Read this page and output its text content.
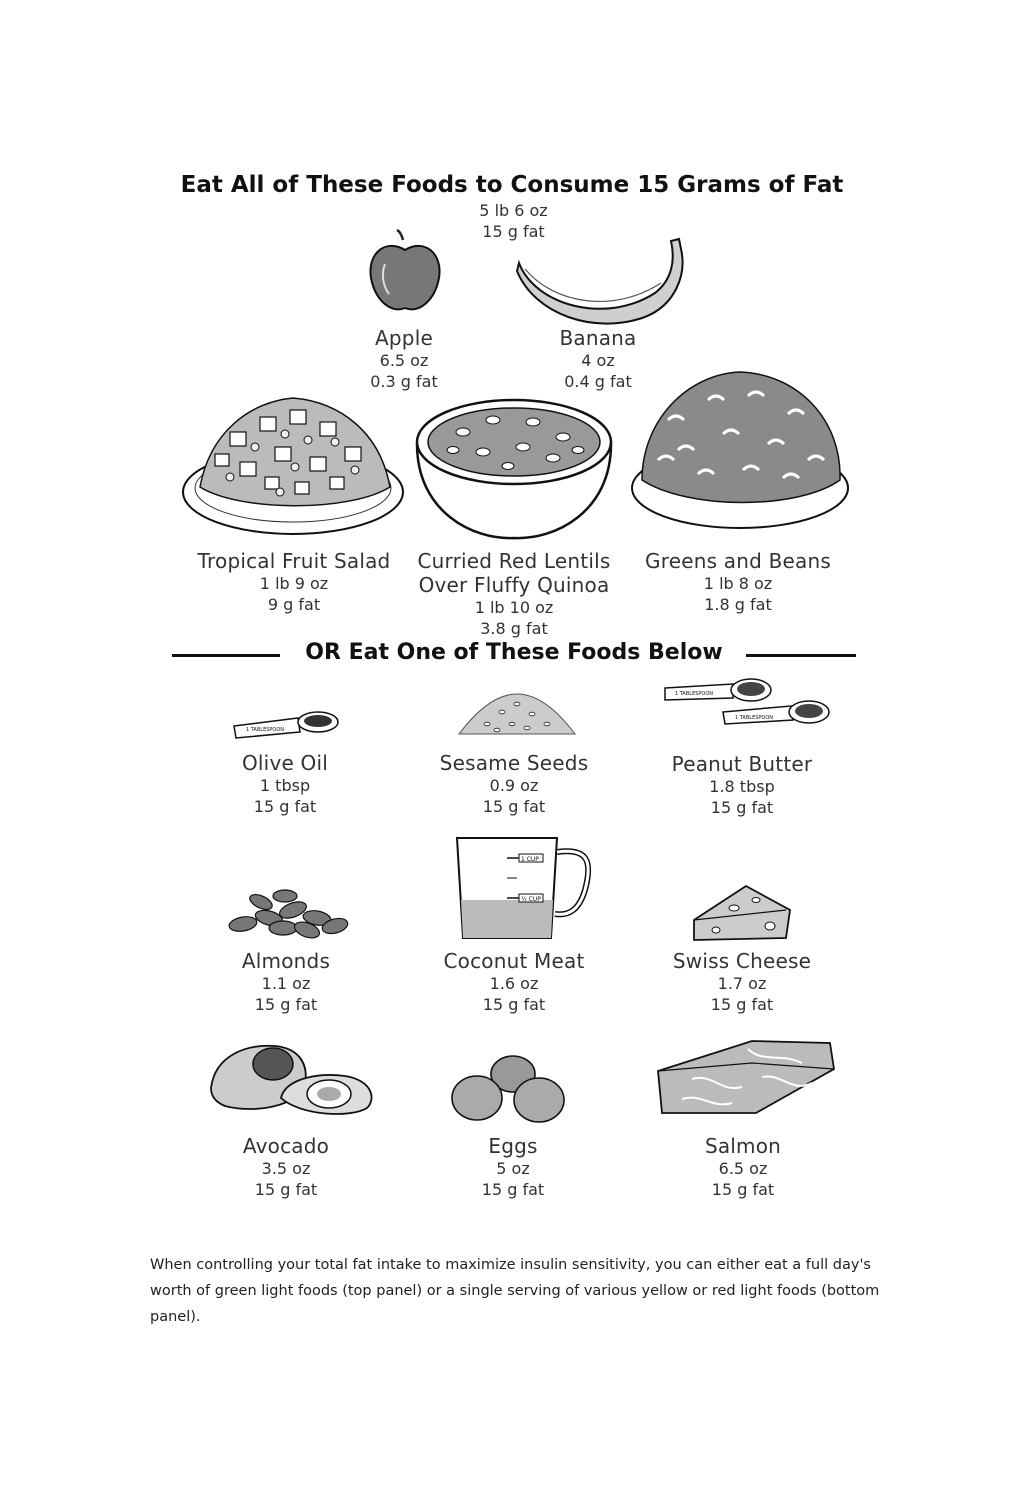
Eat All of These Foods to Consume 15 Grams of Fat
5 lb 6 oz
15 g fat
Apple
6.5 oz
0.3 g fat
Banana
4 oz
0.4 g fat
Tropical Fruit Salad
1 lb 9 oz
9 g fat
Curried Red Lentils
Over Fluffy Quinoa
1 lb 10 oz
3.8 g fat
Greens and Beans
1 lb 8 oz
1.8 g fat
OR Eat One of These Foods Below
1 TABLESPOON
1 TABLESPOON
1 TABLESPOON
Olive Oil
1 tbsp
15 g fat
Sesame Seeds
0.9 oz
15 g fat
Peanut Butter
1.8 tbsp
15 g fat
1 CUP
½ CUP
Almonds
1.1 oz
15 g fat
Coconut Meat
1.6 oz
15 g fat
Swiss Cheese
1.7 oz
15 g fat
Avocado
3.5 oz
15 g fat
Eggs
5 oz
15 g fat
Salmon
6.5 oz
15 g fat
When controlling your total fat intake to maximize insulin sensitivity, you can either eat a full day's worth of green light foods (top panel) or a single serving of various yellow or red light foods (bottom panel).
